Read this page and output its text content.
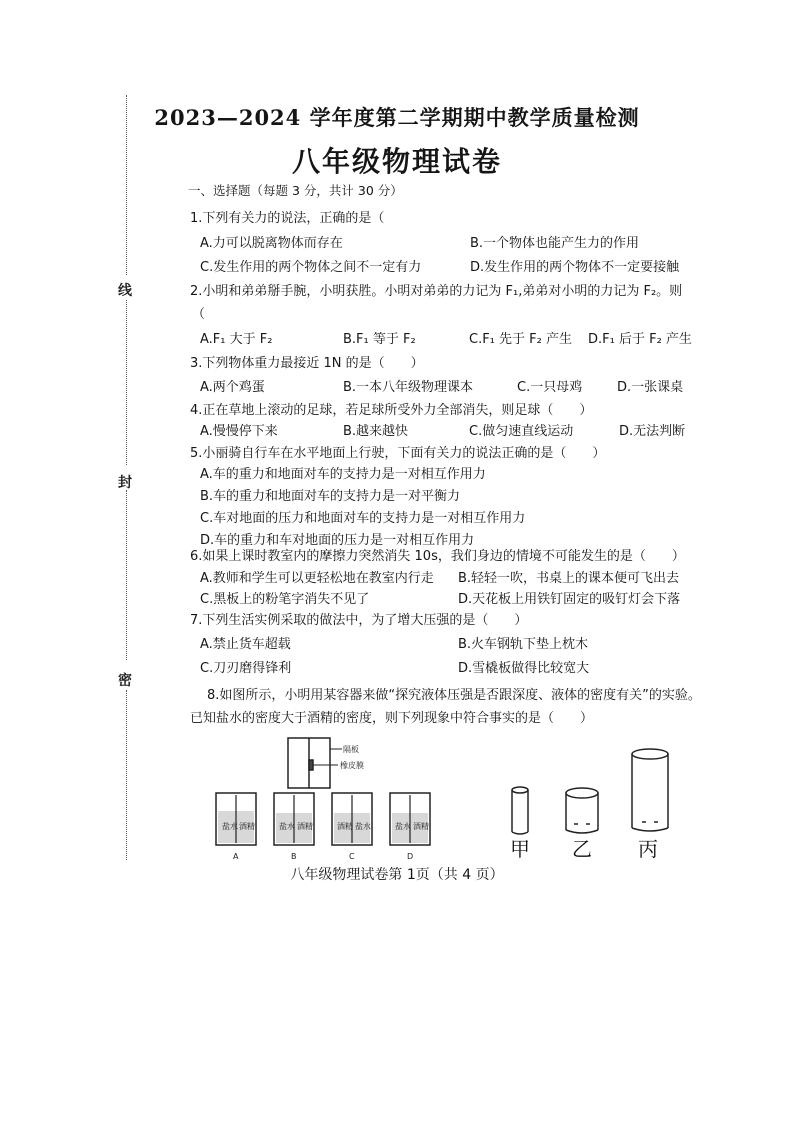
线
封
密
2023—2024 学年度第二学期期中教学质量检测
八年级物理试卷
一、选择题（每题 3 分，共计 30 分）
1.下列有关力的说法，正确的是（
A.力可以脱离物体而存在	B.一个物体也能产生力的作用
C.发生作用的两个物体之间不一定有力	D.发生作用的两个物体不一定要接触
2.小明和弟弟掰手腕，小明获胜。小明对弟弟的力记为 F₁,弟弟对小明的力记为 F₂。则
（
A.F₁ 大于 F₂	B.F₁ 等于 F₂	C.F₁ 先于 F₂ 产生 D.F₁ 后于 F₂ 产生
3.下列物体重力最接近 1N 的是（　　）
A.两个鸡蛋	B.一本八年级物理课本	C.一只母鸡	D.一张课桌
4.正在草地上滚动的足球，若足球所受外力全部消失，则足球（　　）
A.慢慢停下来	B.越来越快	C.做匀速直线运动	D.无法判断
5.小丽骑自行车在水平地面上行驶，下面有关力的说法正确的是（　　）
A.车的重力和地面对车的支持力是一对相互作用力
B.车的重力和地面对车的支持力是一对平衡力
C.车对地面的压力和地面对车的支持力是一对相互作用力
D.车的重力和车对地面的压力是一对相互作用力
6.如果上课时教室内的摩擦力突然消失 10s，我们身边的情境不可能发生的是（　　）
A.教师和学生可以更轻松地在教室内行走 B.轻轻一吹，书桌上的课本便可飞出去
C.黑板上的粉笔字消失不见了	D.天花板上用铁钉固定的吸钉灯会下落
7.下列生活实例采取的做法中，为了增大压强的是（　　）
A.禁止货车超载	B.火车钢轨下垫上枕木
C.刀刃磨得锋利	D.雪橇板做得比较宽大
8.如图所示，小明用某容器来做“探究液体压强是否跟深度、液体的密度有关”的实验。
已知盐水的密度大于酒精的密度，则下列现象中符合事实的是（　　）
隔板
橡皮膜
盐水 酒精
A
盐水 酒精
B
酒精 盐水
C
盐水 酒精
D	甲 乙 丙
八年级物理试卷第 1页（共 4 页）
